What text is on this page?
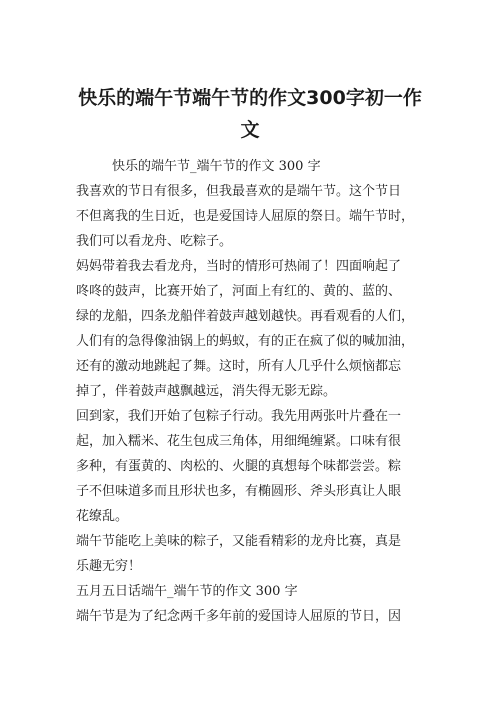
快乐的端午节端午节的作文300字初一作
文
快乐的端午节_端午节的作文 300 字
我喜欢的节日有很多，但我最喜欢的是端午节。这个节日
不但离我的生日近，也是爱国诗人屈原的祭日。端午节时，
我们可以看龙舟、吃粽子。
妈妈带着我去看龙舟，当时的情形可热闹了！四面响起了
咚咚的鼓声，比赛开始了，河面上有红的、黄的、蓝的、
绿的龙船，四条龙船伴着鼓声越划越快。再看观看的人们，
人们有的急得像油锅上的蚂蚁，有的正在疯了似的喊加油，
还有的激动地跳起了舞。这时，所有人几乎什么烦恼都忘
掉了，伴着鼓声越飘越远，消失得无影无踪。
回到家，我们开始了包粽子行动。我先用两张叶片叠在一
起，加入糯米、花生包成三角体，用细绳缠紧。口味有很
多种，有蛋黄的、肉松的、火腿的真想每个味都尝尝。粽
子不但味道多而且形状也多，有椭圆形、斧头形真让人眼
花缭乱。
端午节能吃上美味的粽子，又能看精彩的龙舟比赛，真是
乐趣无穷！
五月五日话端午_端午节的作文 300 字
端午节是为了纪念两千多年前的爱国诗人屈原的节日，因
